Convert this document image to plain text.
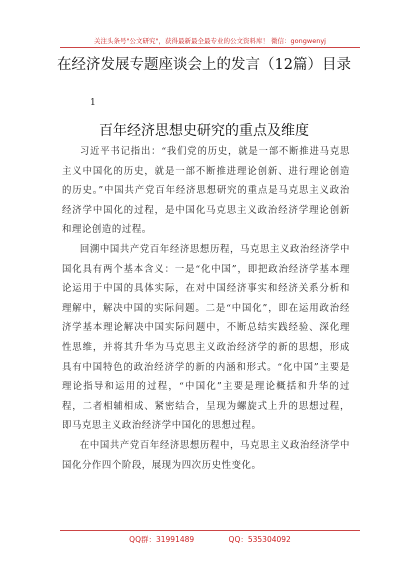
关注头条号"公文研究"，获得最新最全最专业的公文资料库！ 微信：gongwenyj
在经济发展专题座谈会上的发言（12篇）目录
1
百年经济思想史研究的重点及维度

习近平书记指出：“我们党的历史，就是一部不断推进马克思主义中国化的历史，就是一部不断推进理论创新、进行理论创造的历史。”中国共产党百年经济思想研究的重点是马克思主义政治经济学中国化的过程，是中国化马克思主义政治经济学理论创新和理论创造的过程。

回溯中国共产党百年经济思想历程，马克思主义政治经济学中国化具有两个基本含义：一是“化中国”，即把政治经济学基本理论运用于中国的具体实际，在对中国经济事实和经济关系分析和理解中，解决中国的实际问题。二是“中国化”，即在运用政治经济学基本理论解决中国实际问题中，不断总结实践经验、深化理性思维，并将其升华为马克思主义政治经济学的新的思想，形成具有中国特色的政治经济学的新的内涵和形式。“化中国”主要是理论指导和运用的过程，“中国化”主要是理论概括和升华的过程，二者相辅相成、紧密结合，呈现为螺旋式上升的思想过程，即马克思主义政治经济学中国化的思想过程。

在中国共产党百年经济思想历程中，马克思主义政治经济学中国化分作四个阶段，展现为四次历史性变化。

QQ群：31991489	QQ：535304092
